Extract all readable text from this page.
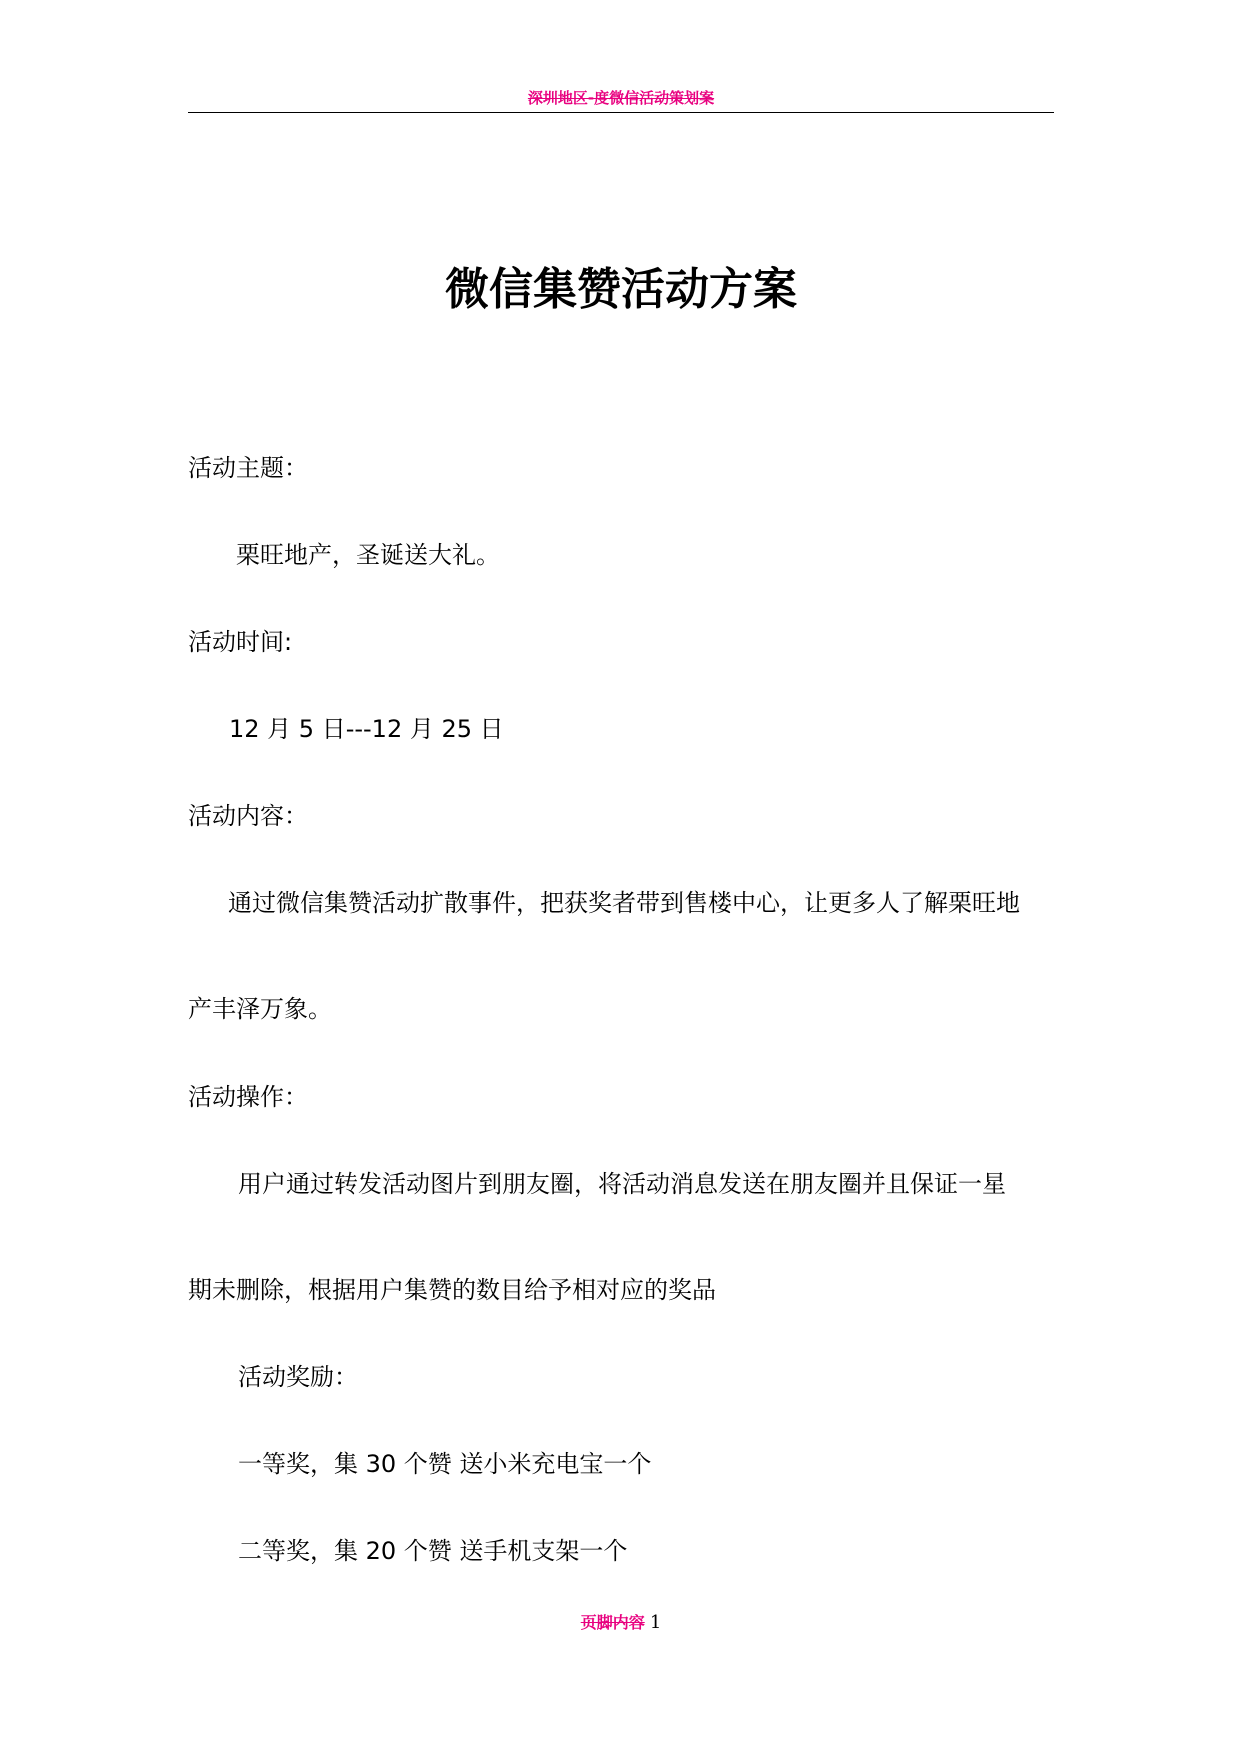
深圳地区-度微信活动策划案
微信集赞活动方案

活动主题：

栗旺地产，圣诞送大礼。

活动时间:

12 月 5 日---12 月 25 日

活动内容：

通过微信集赞活动扩散事件，把获奖者带到售楼中心，让更多人了解栗旺地

产丰泽万象。

活动操作：

用户通过转发活动图片到朋友圈，将活动消息发送在朋友圈并且保证一星

期未删除，根据用户集赞的数目给予相对应的奖品

活动奖励：

一等奖，集 30 个赞 送小米充电宝一个

二等奖，集 20 个赞 送手机支架一个

页脚内容 1
